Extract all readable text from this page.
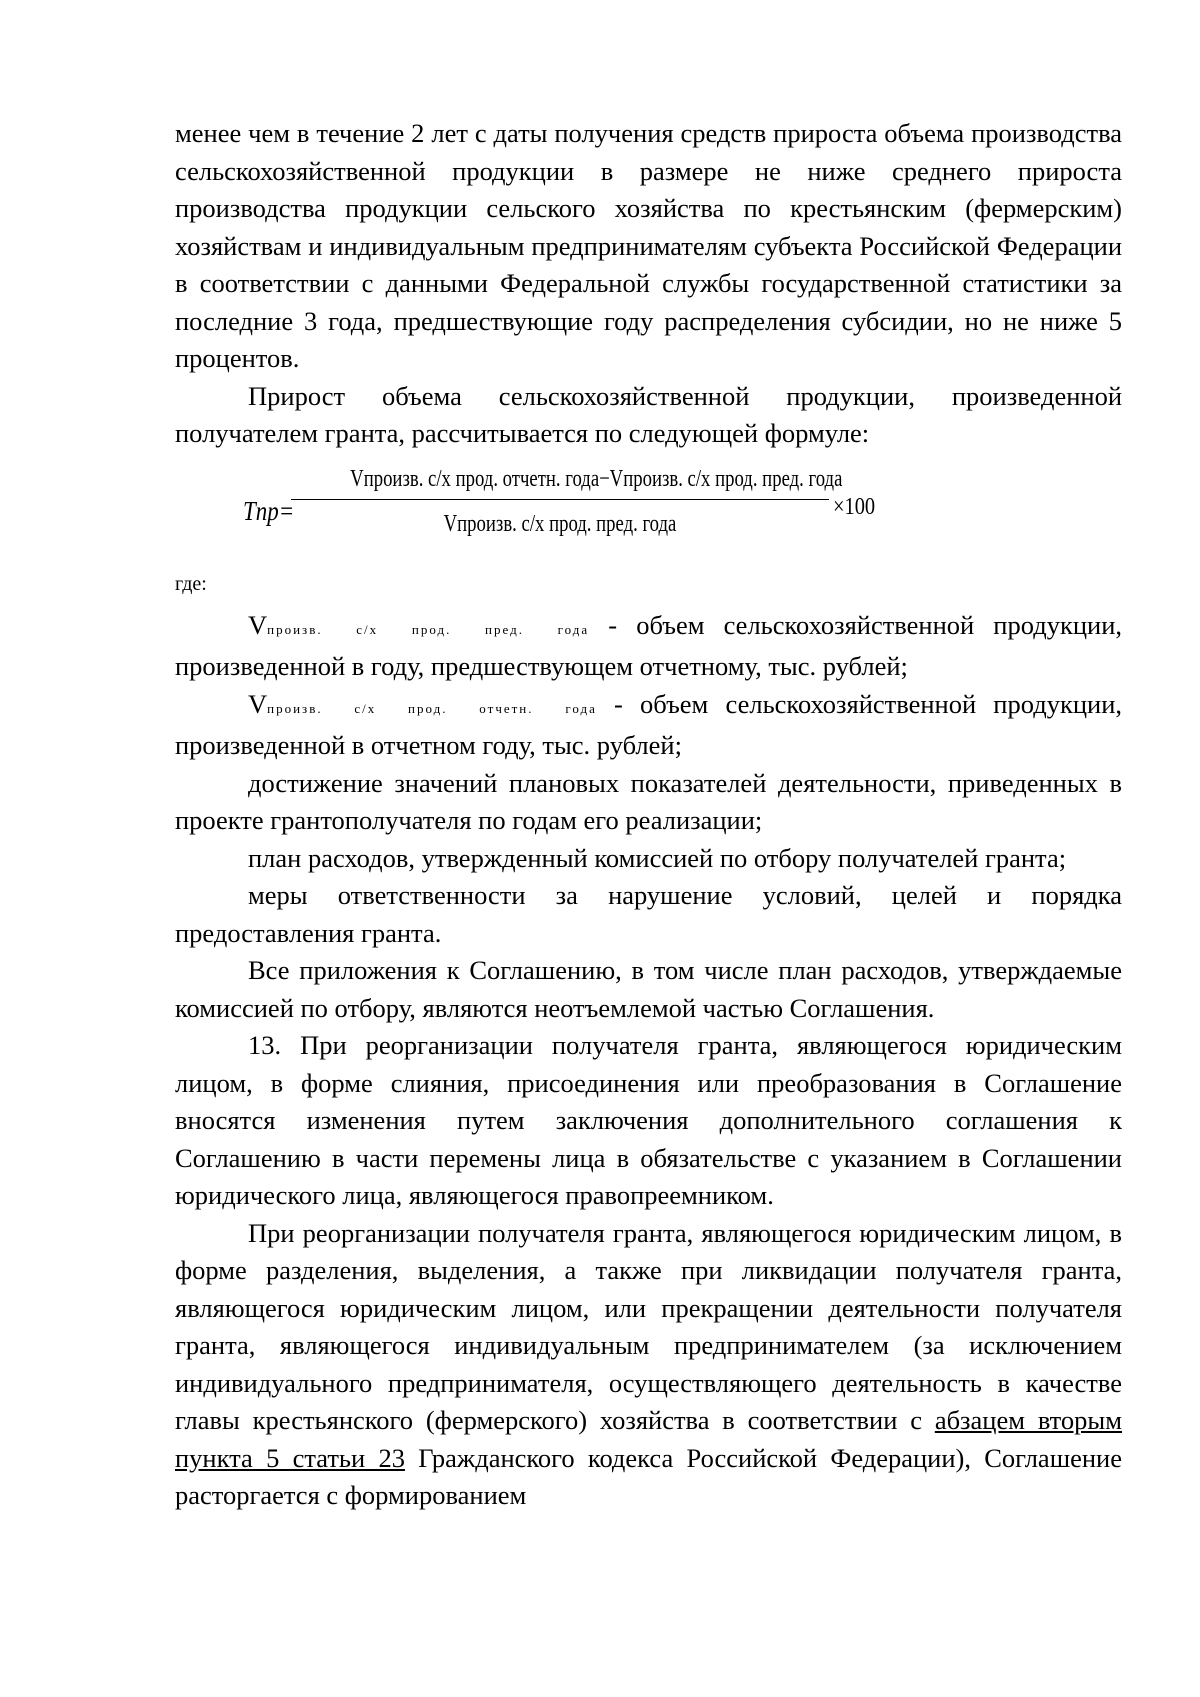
менее чем в течение 2 лет с даты получения средств прироста объема производства сельскохозяйственной продукции в размере не ниже среднего прироста производства продукции сельского хозяйства по крестьянским (фермерским) хозяйствам и индивидуальным предпринимателям субъекта Российской Федерации в соответствии с данными Федеральной службы государственной статистики за последние 3 года, предшествующие году распределения субсидии, но не ниже 5 процентов.

Прирост объема сельскохозяйственной продукции, произведенной получателем гранта, рассчитывается по следующей формуле:

Tпр=
Vпроизв. с/х прод. отчетн. года−Vпроизв. с/х прод. пред. года
Vпроизв. с/х прод. пред. года
×100

где:

Vпроизв. с/х прод. пред. года - объем сельскохозяйственной продукции, произведенной в году, предшествующем отчетному, тыс. рублей;

Vпроизв. с/х прод. отчетн. года - объем сельскохозяйственной продукции, произведенной в отчетном году, тыс. рублей;

достижение значений плановых показателей деятельности, приведенных в проекте грантополучателя по годам его реализации;

план расходов, утвержденный комиссией по отбору получателей гранта;

меры ответственности за нарушение условий, целей и порядка предоставления гранта.

Все приложения к Соглашению, в том числе план расходов, утверждаемые комиссией по отбору, являются неотъемлемой частью Соглашения.

13. При реорганизации получателя гранта, являющегося юридическим лицом, в форме слияния, присоединения или преобразования в Соглашение вносятся изменения путем заключения дополнительного соглашения к Соглашению в части перемены лица в обязательстве с указанием в Соглашении юридического лица, являющегося правопреемником.

При реорганизации получателя гранта, являющегося юридическим лицом, в форме разделения, выделения, а также при ликвидации получателя гранта, являющегося юридическим лицом, или прекращении деятельности получателя гранта, являющегося индивидуальным предпринимателем (за исключением индивидуального предпринимателя, осуществляющего деятельность в качестве главы крестьянского (фермерского) хозяйства в соответствии с абзацем вторым пункта 5 статьи 23 Гражданского кодекса Российской Федерации), Соглашение расторгается с формированием
